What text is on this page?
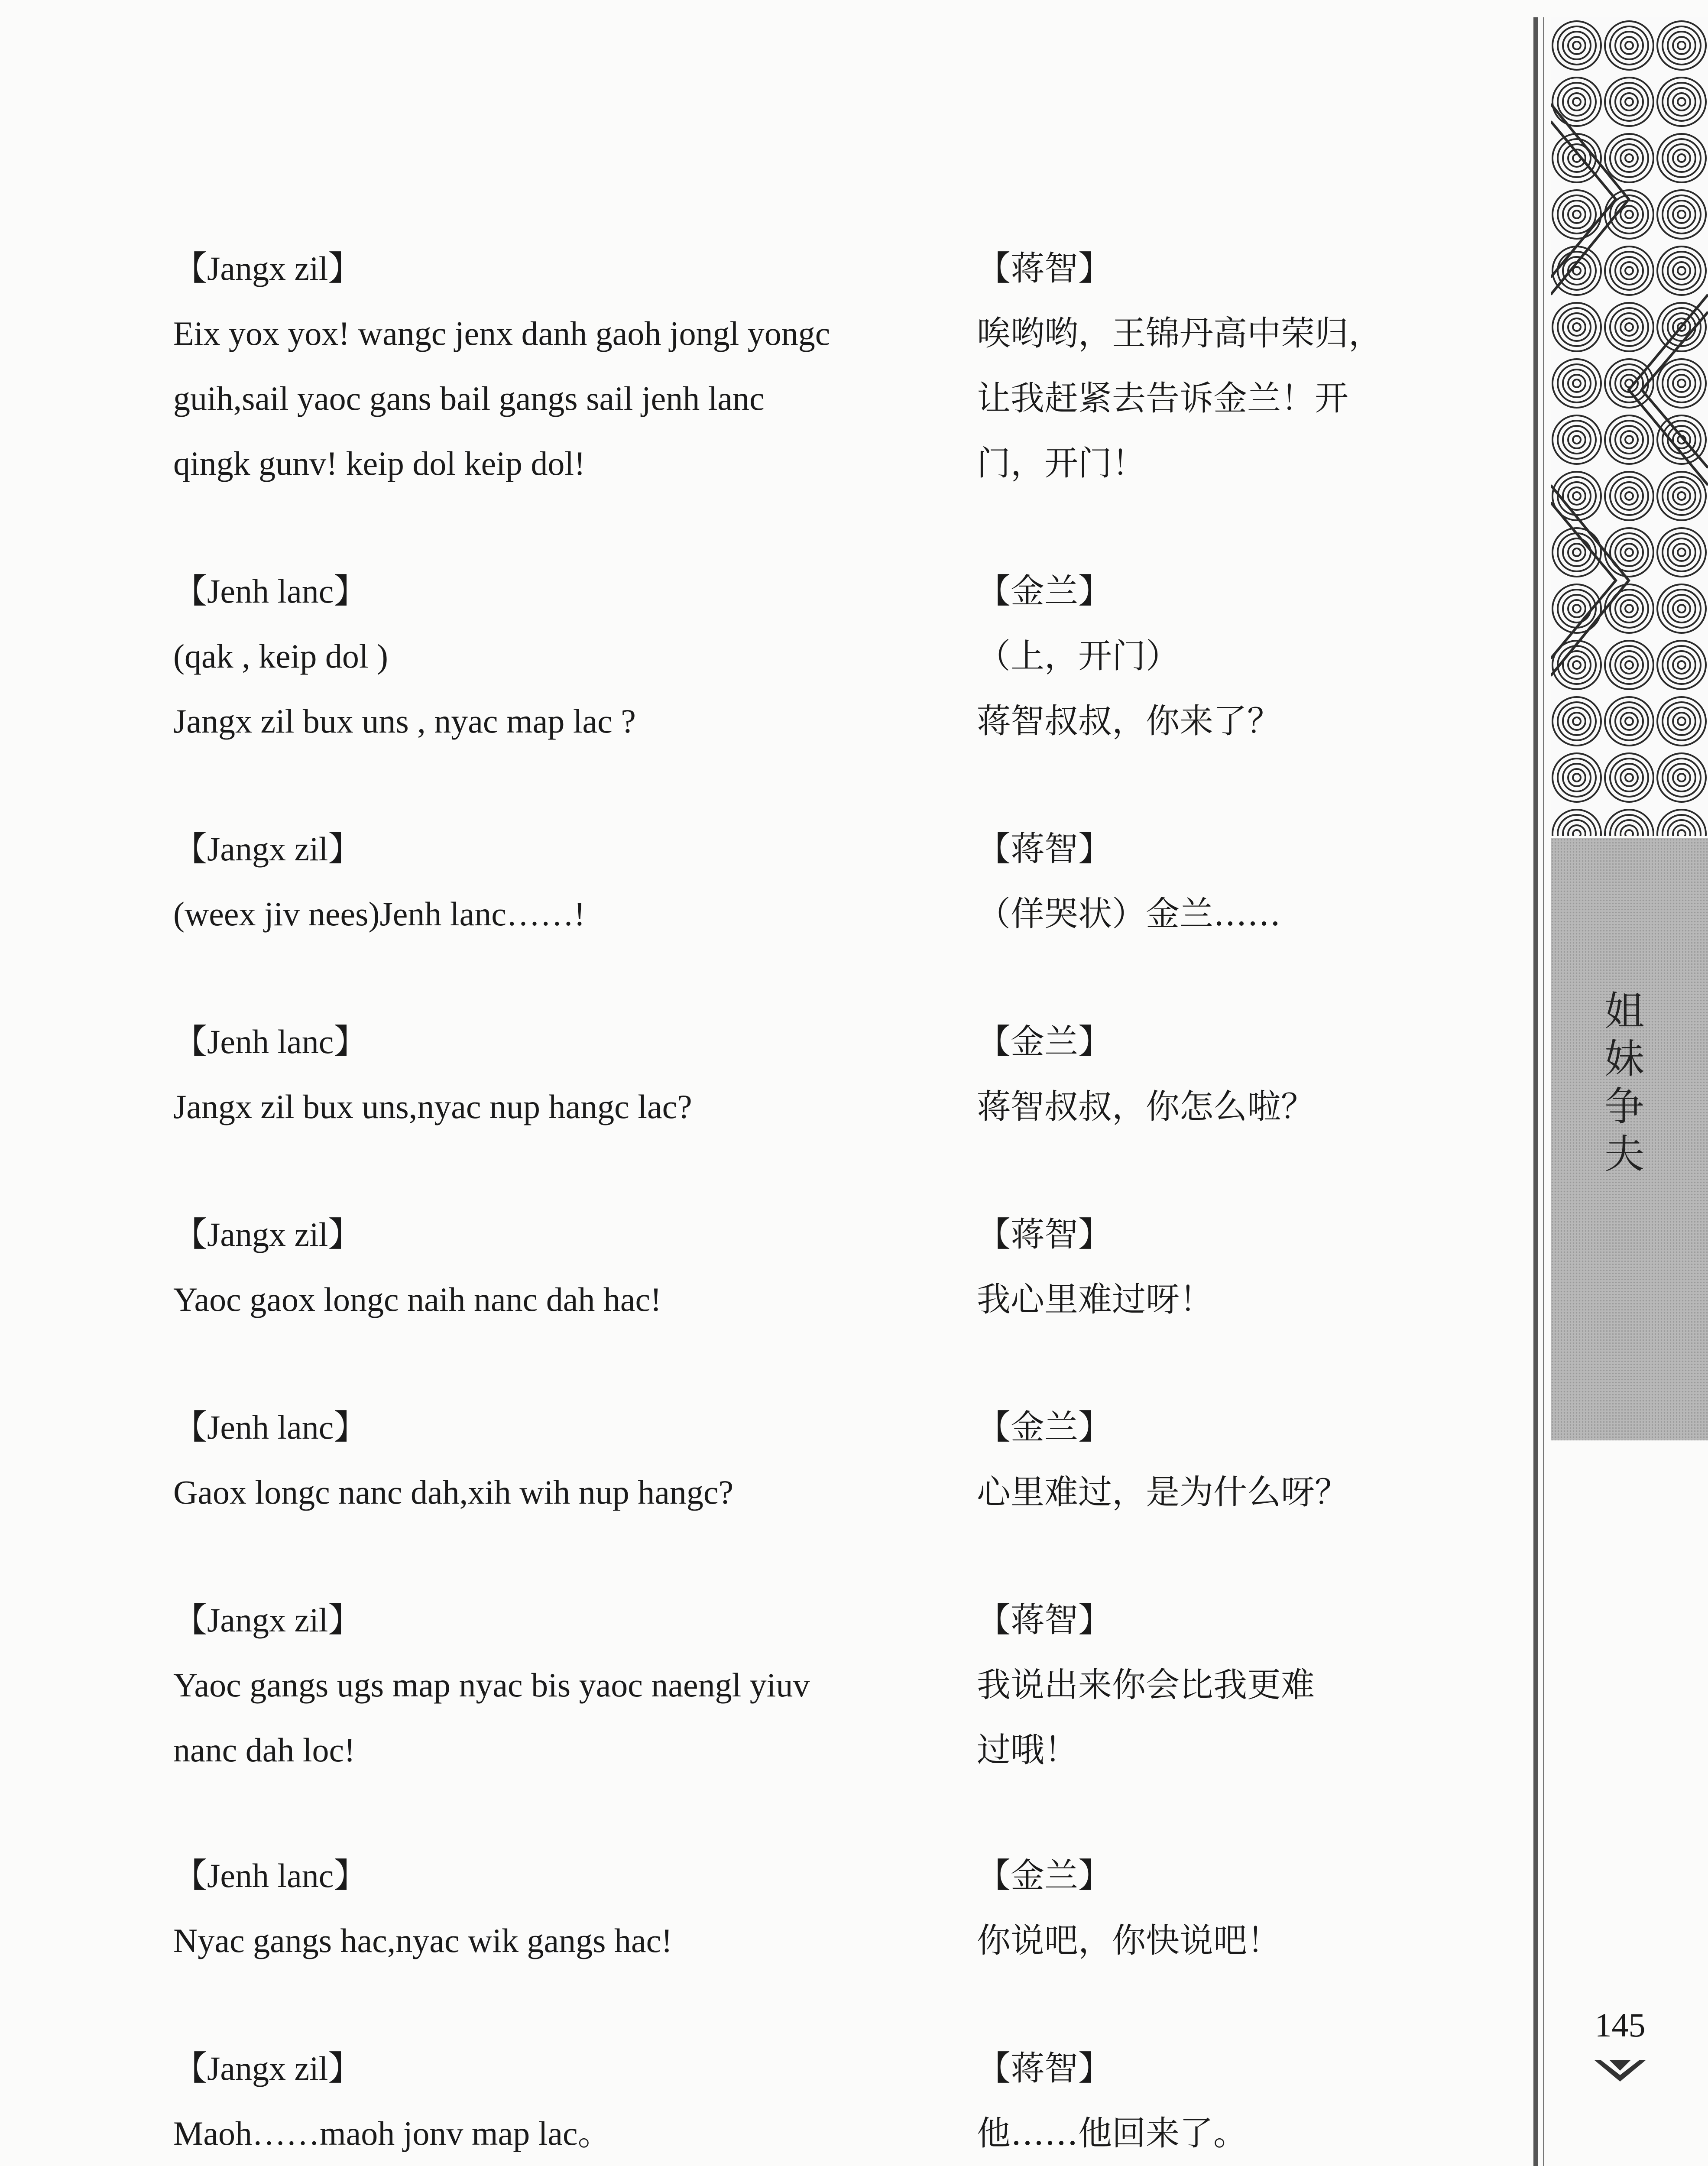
姐
妹
争
夫
145
【Jangx zil】
Eix yox yox! wangc jenx danh gaoh jongl yongc
guih,sail yaoc gans bail gangs sail jenh lanc
qingk gunv! keip dol keip dol!
【蒋智】
唉哟哟，王锦丹高中荣归，
让我赶紧去告诉金兰！开
门，开门！
【Jenh lanc】
(qak , keip dol )
Jangx zil bux uns , nyac map lac ?
【金兰】
（上，开门）
蒋智叔叔，你来了？
【Jangx zil】
(weex jiv nees)Jenh lanc……!
【蒋智】
（佯哭状）金兰……
【Jenh lanc】
Jangx zil bux uns,nyac nup hangc lac?
【金兰】
蒋智叔叔，你怎么啦？
【Jangx zil】
Yaoc gaox longc naih nanc dah hac!
【蒋智】
我心里难过呀！
【Jenh lanc】
Gaox longc nanc dah,xih wih nup hangc?
【金兰】
心里难过，是为什么呀？
【Jangx zil】
Yaoc gangs ugs map nyac bis yaoc naengl yiuv
nanc dah loc!
【蒋智】
我说出来你会比我更难
过哦！
【Jenh lanc】
Nyac gangs hac,nyac wik gangs hac!
【金兰】
你说吧，你快说吧！
【Jangx zil】
Maoh……maoh jonv map lac。
【蒋智】
他……他回来了。
